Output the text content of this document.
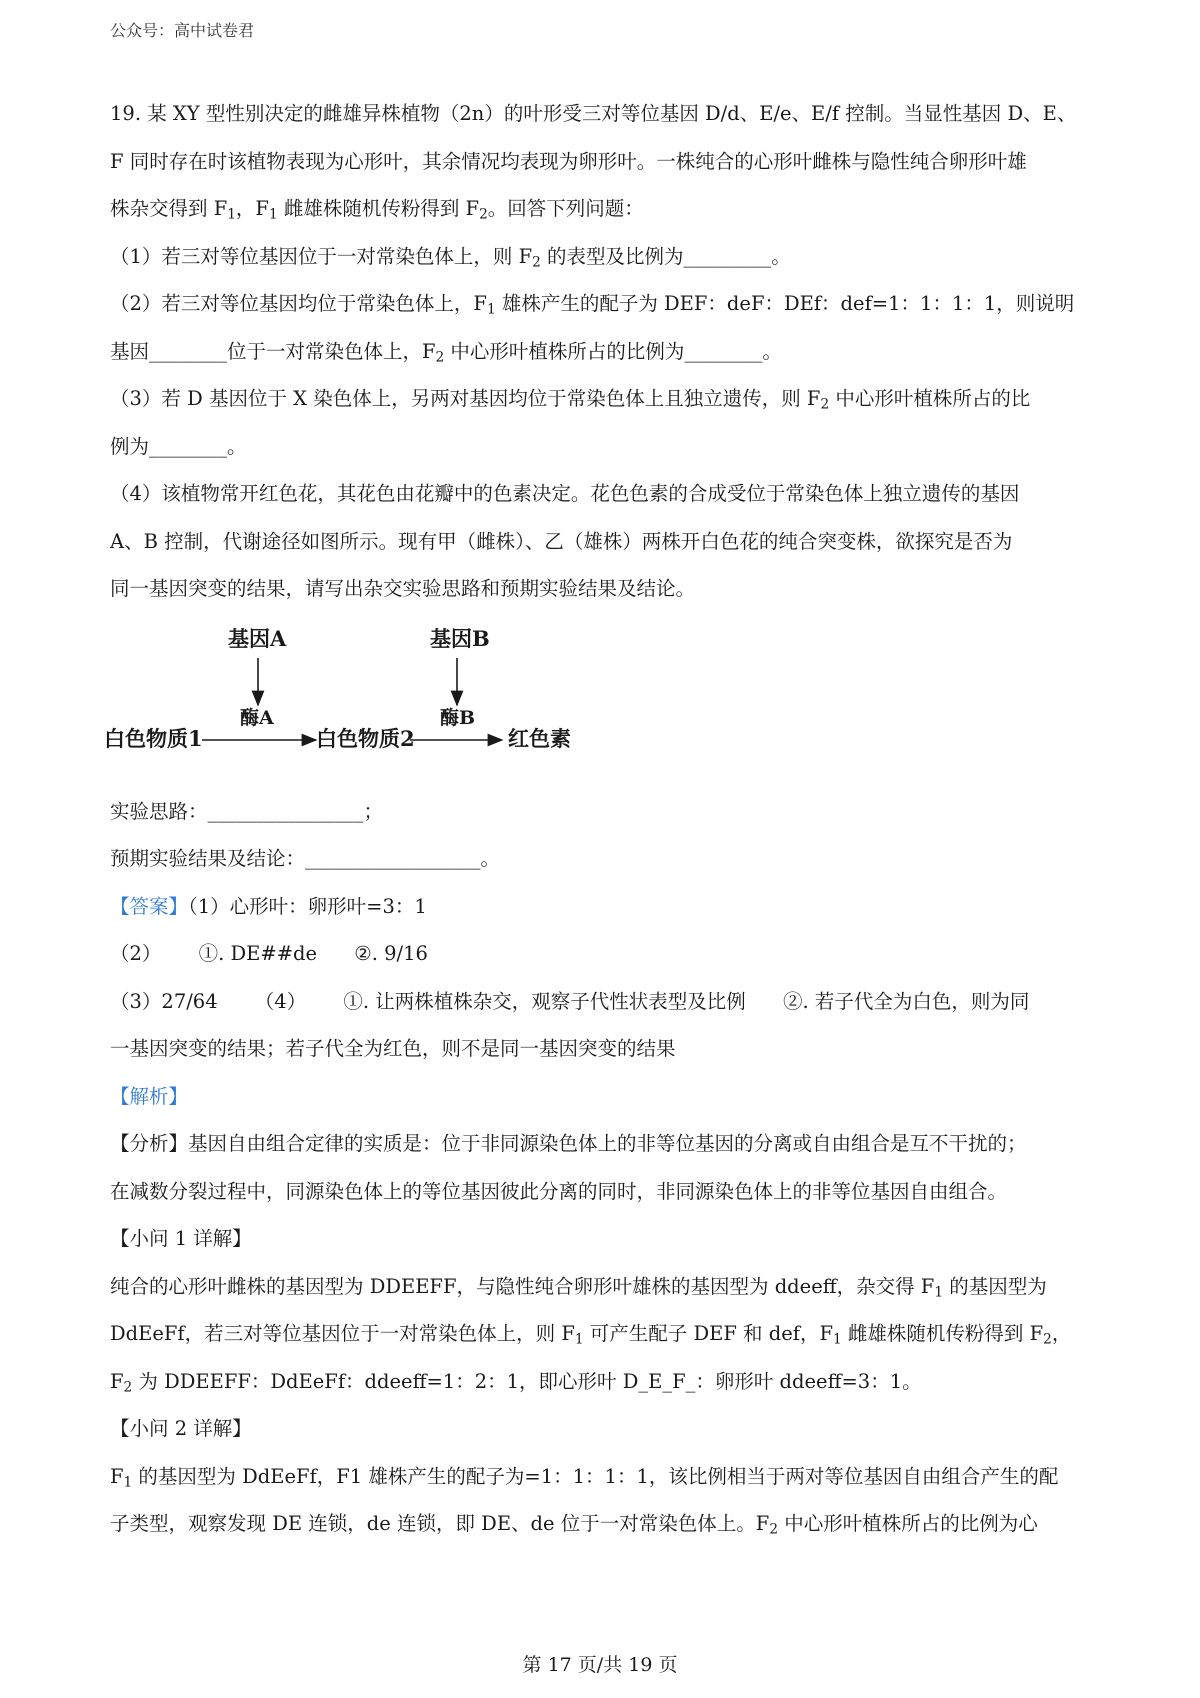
公众号：高中试卷君

19. 某 XY 型性别决定的雌雄异株植物（2n）的叶形受三对等位基因 D/d、E/e、E/f 控制。当显性基因 D、E、

F 同时存在时该植物表现为心形叶，其余情况均表现为卵形叶。一株纯合的心形叶雌株与隐性纯合卵形叶雄

株杂交得到 $F_1$，$F_1$ 雌雄株随机传粉得到 $F_2$。回答下列问题：

（1）若三对等位基因位于一对常染色体上，则 $F_2$ 的表型及比例为_________。

（2）若三对等位基因均位于常染色体上，$F_1$ 雄株产生的配子为 DEF：deF：DEf：def=1：1：1：1，则说明

基因________位于一对常染色体上，$F_2$ 中心形叶植株所占的比例为________。

（3）若 D 基因位于 X 染色体上，另两对基因均位于常染色体上且独立遗传，则 $F_2$ 中心形叶植株所占的比

例为________。

（4）该植物常开红色花，其花色由花瓣中的色素决定。花色色素的合成受位于常染色体上独立遗传的基因

A、B 控制，代谢途径如图所示。现有甲（雌株）、乙（雄株）两株开白色花的纯合突变株，欲探究是否为

同一基因突变的结果，请写出杂交实验思路和预期实验结果及结论。

基因A	基因B
酶A	酶B
白色物质1	白色物质2	红色素

实验思路：________________；

预期实验结果及结论：__________________。

【答案】（1）心形叶：卵形叶=3：1

（2）      ①. DE##de      ②. 9/16

（3）27/64      （4）      ①. 让两株植株杂交，观察子代性状表型及比例      ②. 若子代全为白色，则为同

一基因突变的结果；若子代全为红色，则不是同一基因突变的结果

【解析】

【分析】基因自由组合定律的实质是：位于非同源染色体上的非等位基因的分离或自由组合是互不干扰的；

在减数分裂过程中，同源染色体上的等位基因彼此分离的同时，非同源染色体上的非等位基因自由组合。

【小问 1 详解】

纯合的心形叶雌株的基因型为 DDEEFF，与隐性纯合卵形叶雄株的基因型为 ddeeff，杂交得 $F_1$ 的基因型为

DdEeFf，若三对等位基因位于一对常染色体上，则 $F_1$ 可产生配子 DEF 和 def，$F_1$ 雌雄株随机传粉得到 $F_2$，

$F_2$ 为 DDEEFF：DdEeFf：ddeeff=1：2：1，即心形叶 D_E_F_：卵形叶 ddeeff=3：1。

【小问 2 详解】

$F_1$ 的基因型为 DdEeFf，F1 雄株产生的配子为=1：1：1：1，该比例相当于两对等位基因自由组合产生的配

子类型，观察发现 DE 连锁，de 连锁，即 DE、de 位于一对常染色体上。$F_2$ 中心形叶植株所占的比例为心

第 17 页/共 19 页
